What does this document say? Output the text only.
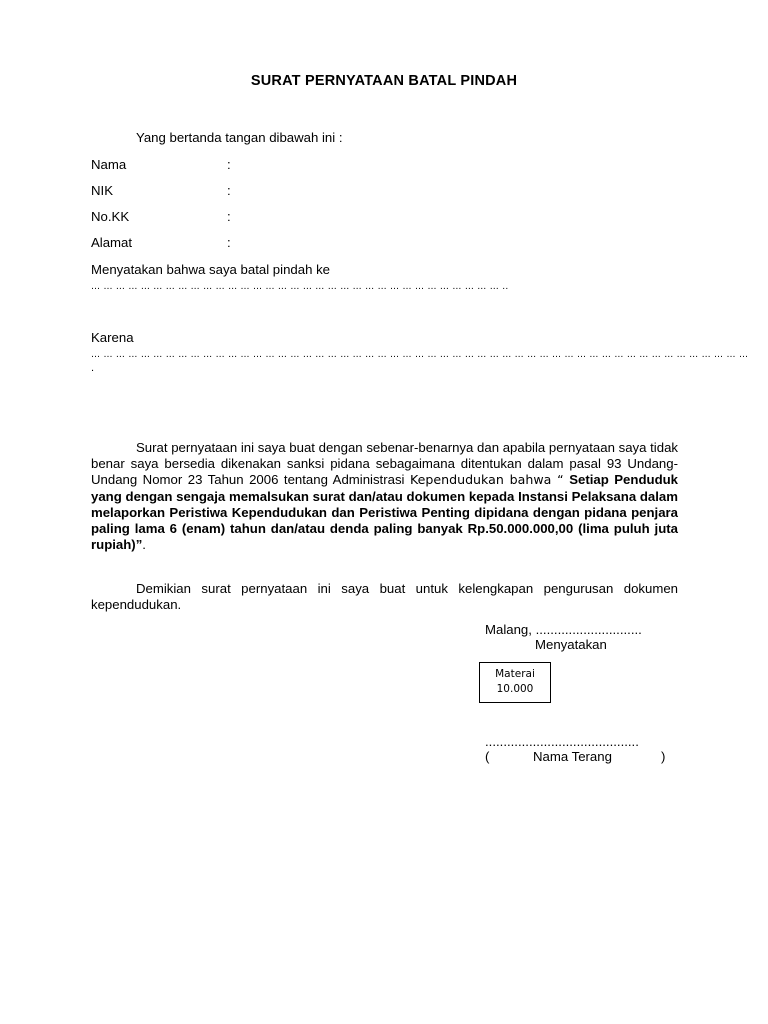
SURAT PERNYATAAN BATAL PINDAH
Yang bertanda tangan dibawah ini :
Nama	:
NIK	:
No.KK	:
Alamat	:
Menyatakan bahwa saya batal pindah ke
… … … … … … … … … … … … … … … … … … … … … … … … … … … … … … … … … ..
Karena
… … … … … … … … … … … … … … … … … … … … … … … … … … … … … … … … … … … … … … … … … … … … … … … … … … … … …
.
Surat pernyataan ini saya buat dengan sebenar-benarnya dan apabila pernyataan saya tidak benar saya bersedia dikenakan sanksi pidana sebagaimana ditentukan dalam pasal 93 Undang-Undang Nomor 23 Tahun 2006 tentang Administrasi Kependudukan bahwa “ Setiap Penduduk yang dengan sengaja memalsukan surat dan/atau dokumen kepada Instansi Pelaksana dalam melaporkan Peristiwa Kependudukan dan Peristiwa Penting dipidana dengan pidana penjara paling lama 6 (enam) tahun dan/atau denda paling banyak Rp.50.000.000,00 (lima puluh juta rupiah)”.
Demikian surat pernyataan ini saya buat untuk kelengkapan pengurusan dokumen kependudukan.
Malang, .............................
Menyatakan
Materai
10.000
..........................................
(	Nama Terang	)
